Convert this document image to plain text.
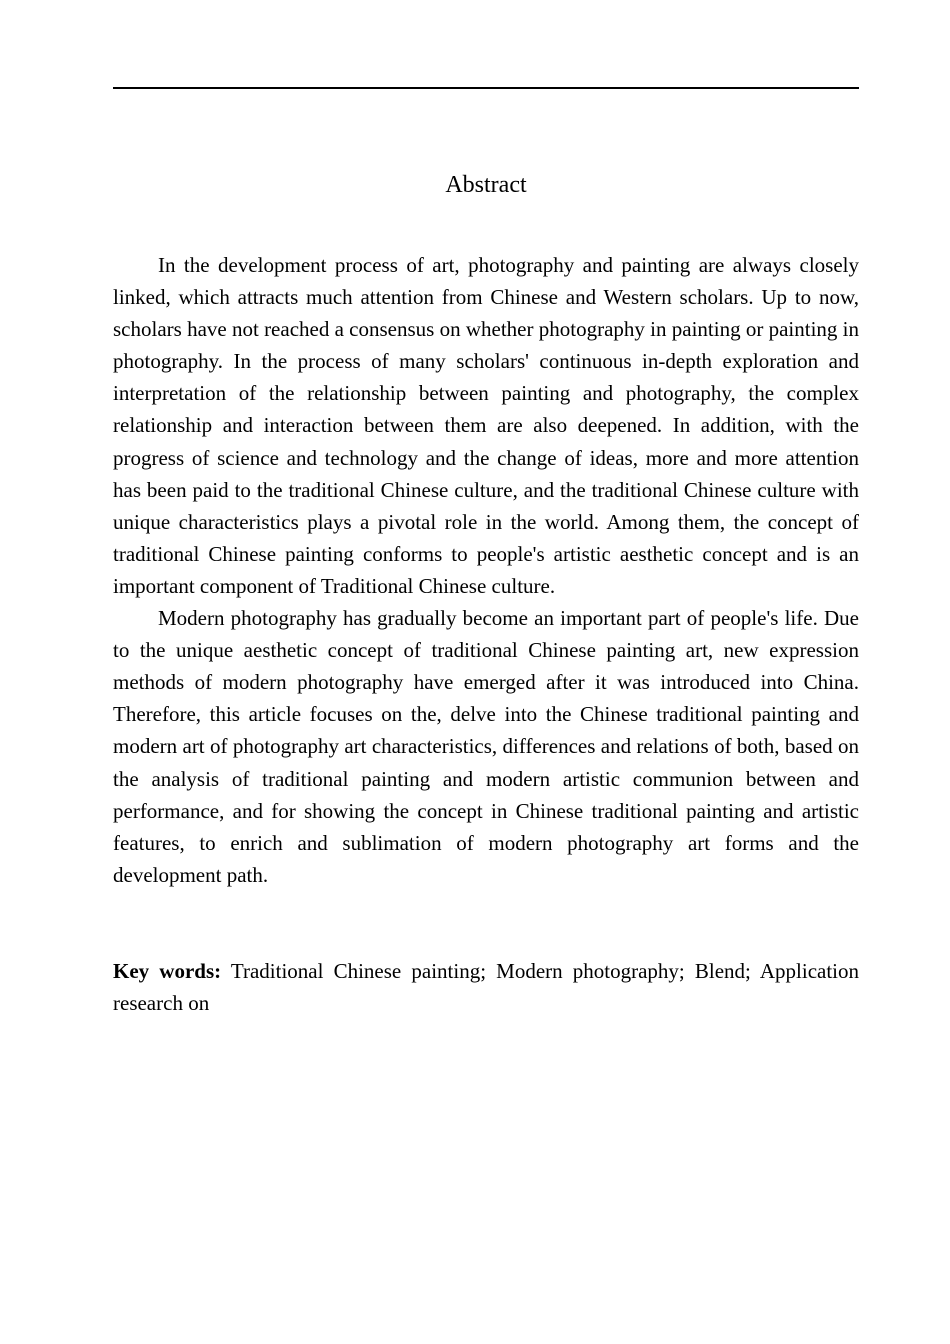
Abstract

In the development process of art, photography and painting are always closely linked, which attracts much attention from Chinese and Western scholars. Up to now, scholars have not reached a consensus on whether photography in painting or painting in photography. In the process of many scholars' continuous in-depth exploration and interpretation of the relationship between painting and photography, the complex relationship and interaction between them are also deepened. In addition, with the progress of science and technology and the change of ideas, more and more attention has been paid to the traditional Chinese culture, and the traditional Chinese culture with unique characteristics plays a pivotal role in the world. Among them, the concept of traditional Chinese painting conforms to people's artistic aesthetic concept and is an important component of Traditional Chinese culture.

Modern photography has gradually become an important part of people's life. Due to the unique aesthetic concept of traditional Chinese painting art, new expression methods of modern photography have emerged after it was introduced into China. Therefore, this article focuses on the, delve into the Chinese traditional painting and modern art of photography art characteristics, differences and relations of both, based on the analysis of traditional painting and modern artistic communion between and performance, and for showing the concept in Chinese traditional painting and artistic features, to enrich and sublimation of modern photography art forms and the development path.

Key words: Traditional Chinese painting; Modern photography; Blend; Application research on
